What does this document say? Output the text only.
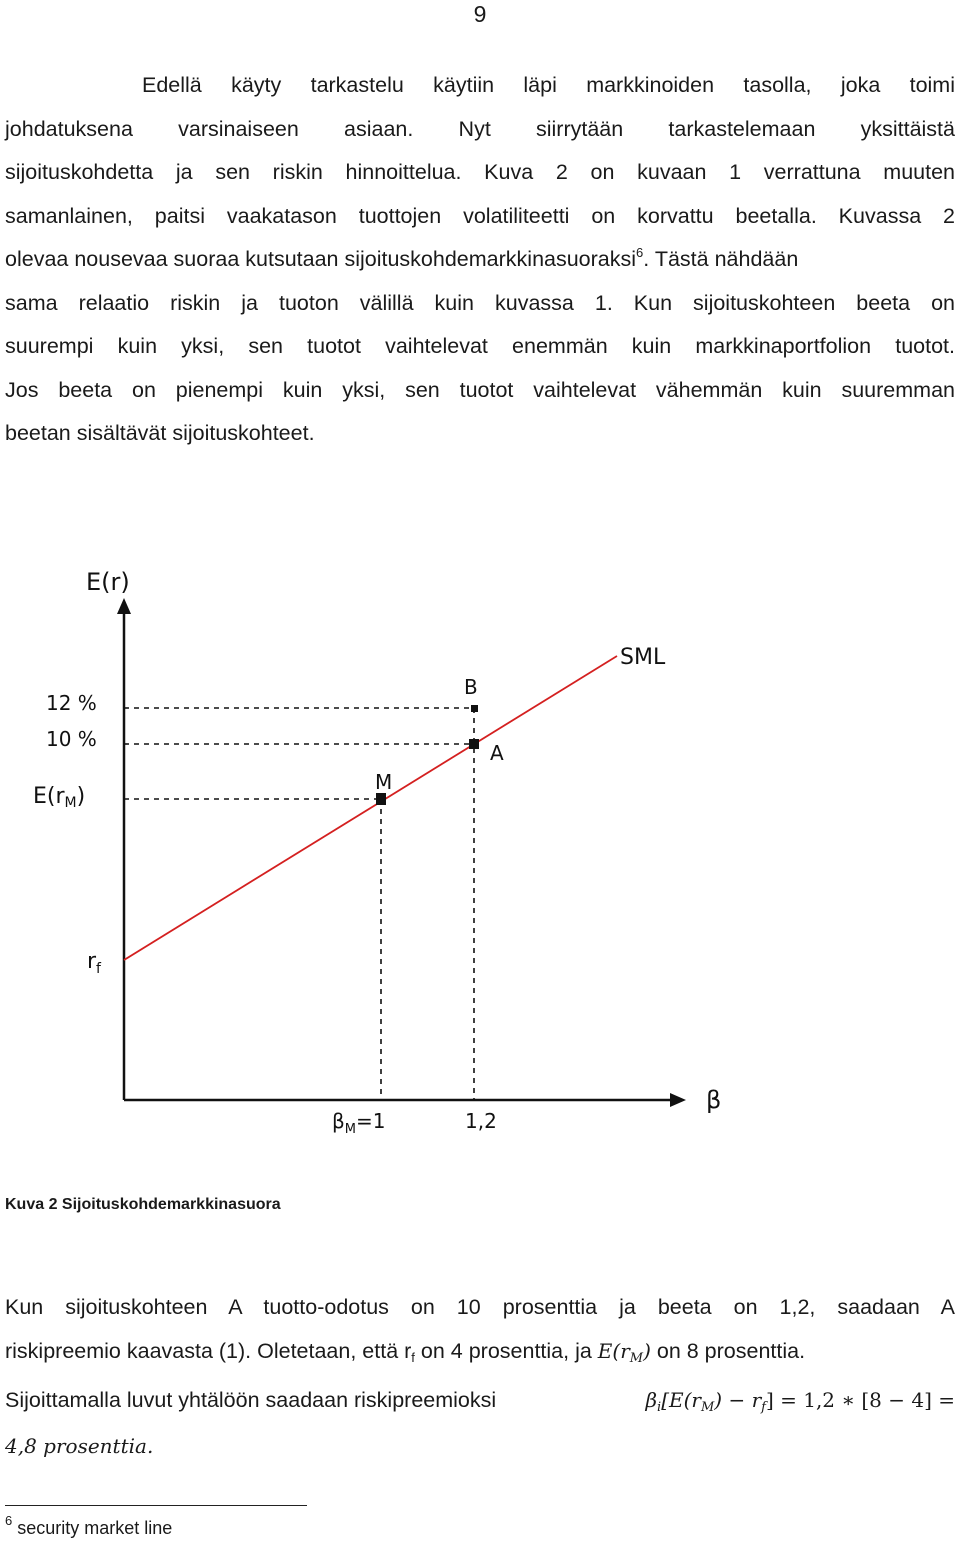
9
Edellä käyty tarkastelu käytiin läpi markkinoiden tasolla, joka toimi
johdatuksena varsinaiseen asiaan. Nyt siirrytään tarkastelemaan yksittäistä
sijoituskohdetta ja sen riskin hinnoittelua. Kuva 2 on kuvaan 1 verrattuna muuten
samanlainen, paitsi vaakatason tuottojen volatiliteetti on korvattu beetalla. Kuvassa 2
olevaa nousevaa suoraa kutsutaan sijoituskohdemarkkinasuoraksi$^6$. Tästä nähdään
sama relaatio riskin ja tuoton välillä kuin kuvassa 1. Kun sijoituskohteen beeta on
suurempi kuin yksi, sen tuotot vaihtelevat enemmän kuin markkinaportfolion tuotot.
Jos beeta on pienempi kuin yksi, sen tuotot vaihtelevat vähemmän kuin suuremman
beetan sisältävät sijoituskohteet.
E(r)
β
SML
M
A
B
12 %
10 %
E(rM)
$r_f$
$\beta_M=1$	1,2
Kuva 2 Sijoituskohdemarkkinasuora
Kun sijoituskohteen A tuotto-odotus on 10 prosenttia ja beeta on 1,2, saadaan A
riskipreemio kaavasta (1). Oletetaan, että $r_f$ on 4 prosenttia, ja $E(r_M)$ on 8 prosenttia.
Sijoittamalla luvut yhtälöön saadaan riskipreemioksi	$\beta_i[E(r_M) - r_f] = 1,2$ ∗ [8 − 4] =
4,8 prosenttia.
$^6$ security market line
